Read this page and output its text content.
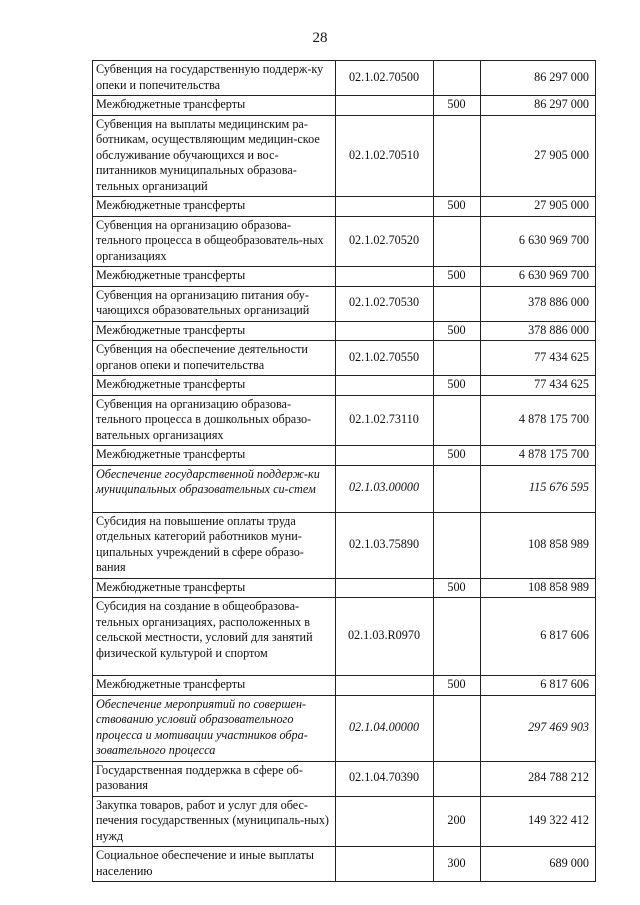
28
Субвенция на государственную поддерж-ку опеки и попечительства	02.1.02.70500		86 297 000
Межбюджетные трансферты		500	86 297 000
Субвенция на выплаты медицинским ра-ботникам, осуществляющим медицин-ское обслуживание обучающихся и вос-питанников муниципальных образова-тельных организаций	02.1.02.70510		27 905 000
Межбюджетные трансферты		500	27 905 000
Субвенция на организацию образова-тельного процесса в общеобразователь-ных организациях	02.1.02.70520		6 630 969 700
Межбюджетные трансферты		500	6 630 969 700
Субвенция на организацию питания обу-чающихся образовательных организаций	02.1.02.70530		378 886 000
Межбюджетные трансферты		500	378 886 000
Субвенция на обеспечение деятельности органов опеки и попечительства	02.1.02.70550		77 434 625
Межбюджетные трансферты		500	77 434 625
Субвенция на организацию образова-тельного процесса в дошкольных образо-вательных организациях	02.1.02.73110		4 878 175 700
Межбюджетные трансферты		500	4 878 175 700
Обеспечение государственной поддерж-ки муниципальных образовательных си-стем	02.1.03.00000		115 676 595
Субсидия на повышение оплаты труда отдельных категорий работников муни-ципальных учреждений в сфере образо-вания	02.1.03.75890		108 858 989
Межбюджетные трансферты		500	108 858 989
Субсидия на создание в общеобразова-тельных организациях, расположенных в сельской местности, условий для занятий физической культурой и спортом	02.1.03.R0970		6 817 606
Межбюджетные трансферты		500	6 817 606
Обеспечение мероприятий по совершен-ствованию условий образовательного процесса и мотивации участников обра-зовательного процесса	02.1.04.00000		297 469 903
Государственная поддержка в сфере об-разования	02.1.04.70390		284 788 212
Закупка товаров, работ и услуг для обес-печения государственных (муниципаль-ных) нужд		200	149 322 412
Социальное обеспечение и иные выплаты населению		300	689 000
